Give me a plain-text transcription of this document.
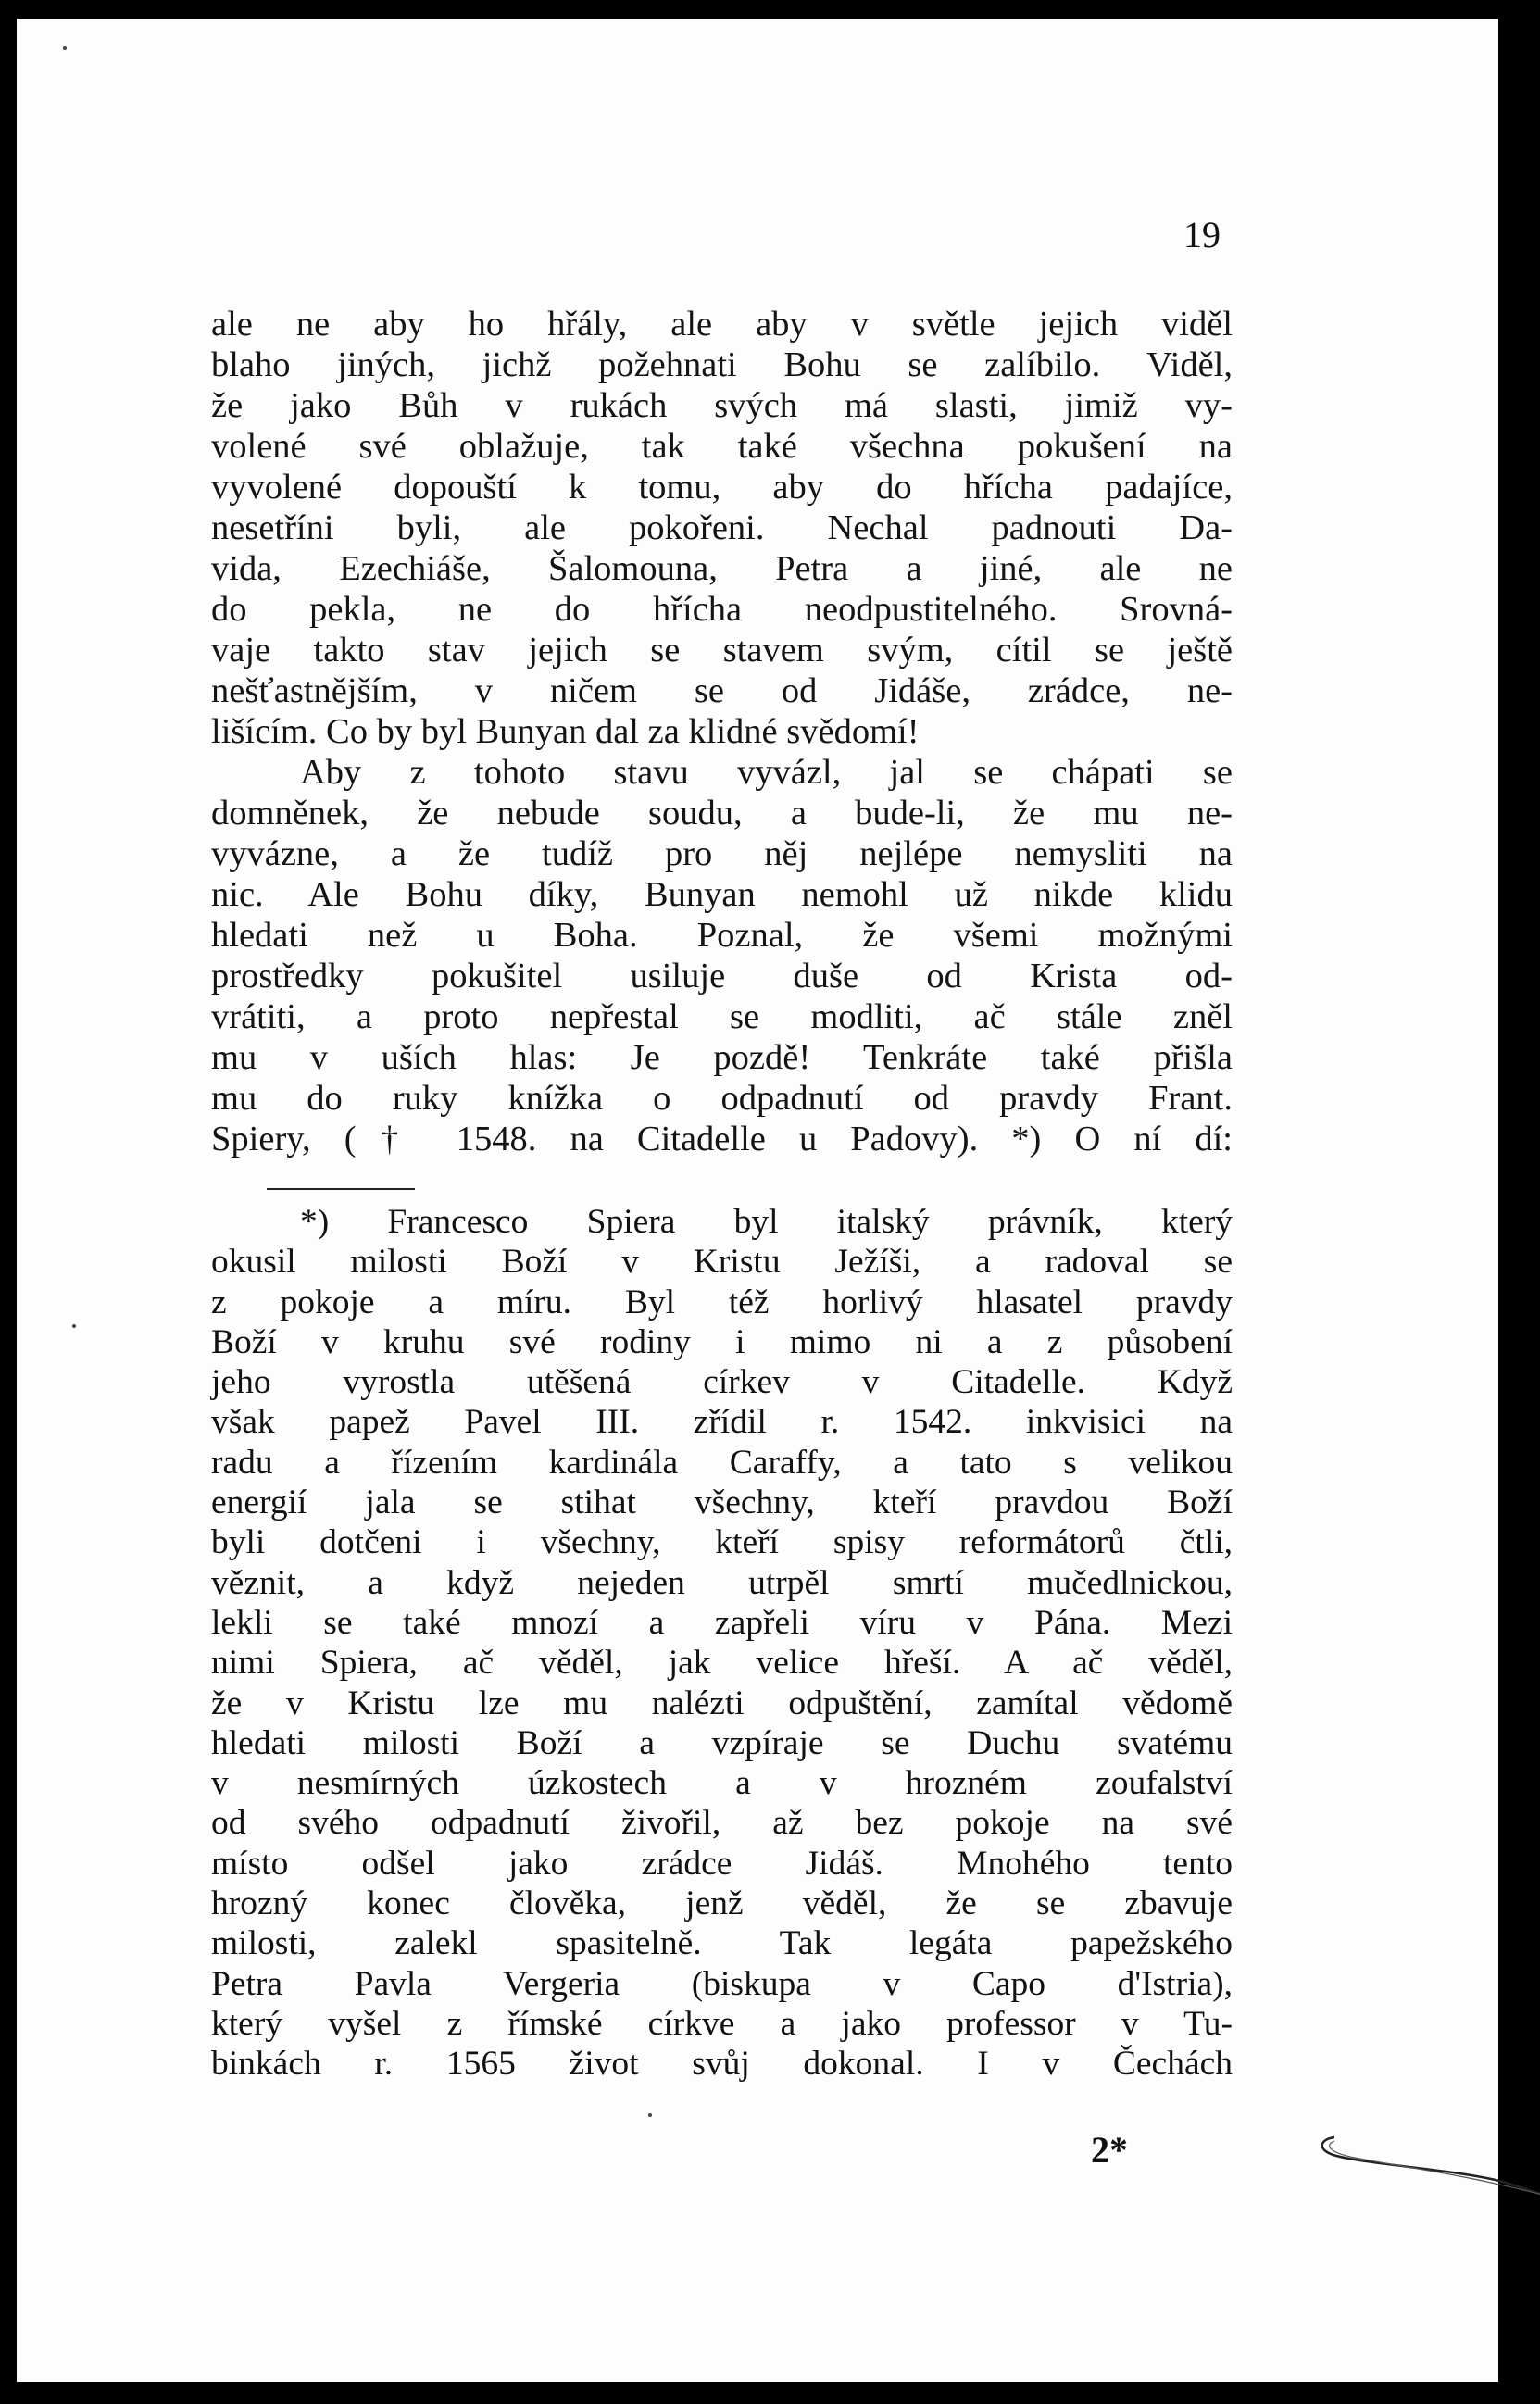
19
ale ne aby ho hřály, ale aby v světle jejich viděl
blaho jiných, jichž požehnati Bohu se zalíbilo. Viděl,
že jako Bůh v rukách svých má slasti, jimiž vy-
volené své oblažuje, tak také všechna pokušení na
vyvolené dopouští k tomu, aby do hřícha padajíce,
nesetříni byli, ale pokořeni. Nechal padnouti Da-
vida, Ezechiáše, Šalomouna, Petra a jiné, ale ne
do pekla, ne do hřícha neodpustitelného. Srovná-
vaje takto stav jejich se stavem svým, cítil se ještě
nešťastnějším, v ničem se od Jidáše, zrádce, ne-
lišícím. Co by byl Bunyan dal za klidné svědomí!
Aby z tohoto stavu vyvázl, jal se chápati se
domněnek, že nebude soudu, a bude-li, že mu ne-
vyvázne, a že tudíž pro něj nejlépe nemysliti na
nic. Ale Bohu díky, Bunyan nemohl už nikde klidu
hledati než u Boha. Poznal, že všemi možnými
prostředky pokušitel usiluje duše od Krista od-
vrátiti, a proto nepřestal se modliti, ač stále zněl
mu v uších hlas: Je pozdě! Tenkráte také přišla
mu do ruky knížka o odpadnutí od pravdy Frant.
Spiery, († 1548. na Citadelle u Padovy). *) O ní dí:
*) Francesco Spiera byl italský právník, který
okusil milosti Boží v Kristu Ježíši, a radoval se
z pokoje a míru. Byl též horlivý hlasatel pravdy
Boží v kruhu své rodiny i mimo ni a z působení
jeho vyrostla utěšená církev v Citadelle. Když
však papež Pavel III. zřídil r. 1542. inkvisici na
radu a řízením kardinála Caraffy, a tato s velikou
energií jala se stihat všechny, kteří pravdou Boží
byli dotčeni i všechny, kteří spisy reformátorů čtli,
věznit, a když nejeden utrpěl smrtí mučedlnickou,
lekli se také mnozí a zapřeli víru v Pána. Mezi
nimi Spiera, ač věděl, jak velice hřeší. A ač věděl,
že v Kristu lze mu nalézti odpuštění, zamítal vědomě
hledati milosti Boží a vzpíraje se Duchu svatému
v nesmírných úzkostech a v hrozném zoufalství
od svého odpadnutí živořil, až bez pokoje na své
místo odšel jako zrádce Jidáš. Mnohého tento
hrozný konec člověka, jenž věděl, že se zbavuje
milosti, zalekl spasitelně. Tak legáta papežského
Petra Pavla Vergeria (biskupa v Capo d'Istria),
který vyšel z římské církve a jako professor v Tu-
binkách r. 1565 život svůj dokonal. I v Čechách
2*
